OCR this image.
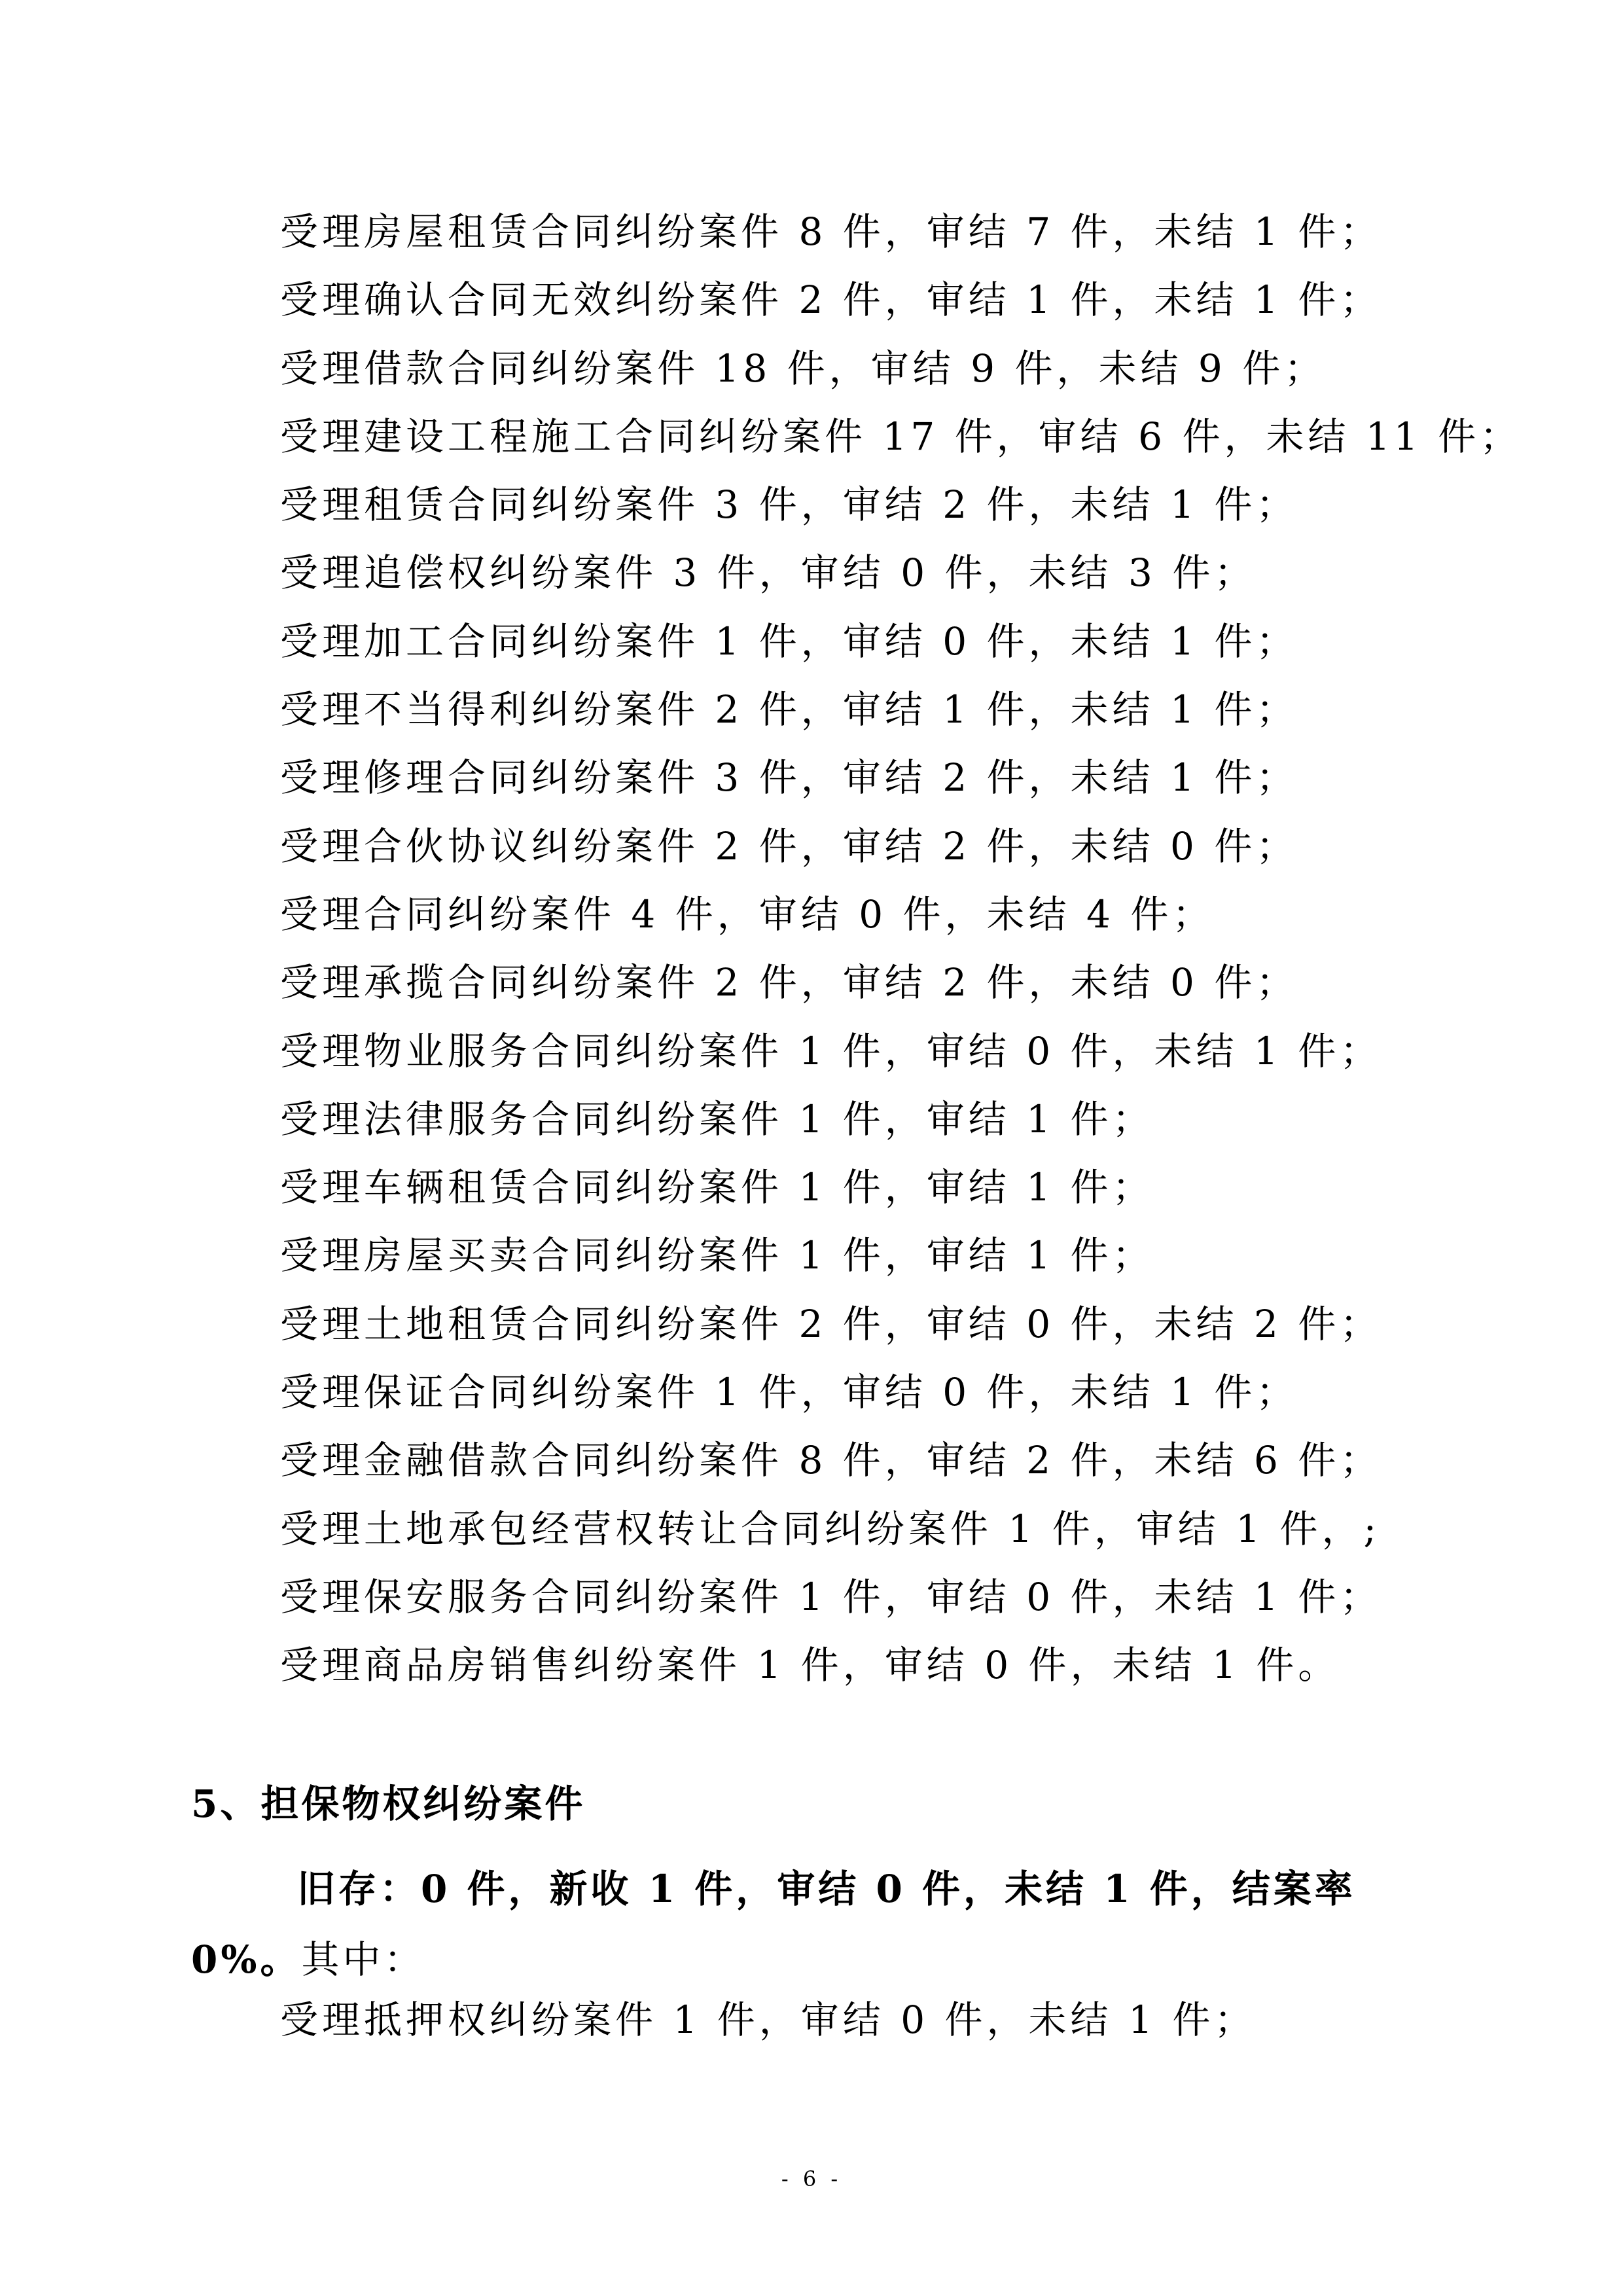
受理房屋租赁合同纠纷案件 8 件，审结 7 件，未结 1 件；
受理确认合同无效纠纷案件 2 件，审结 1 件，未结 1 件；
受理借款合同纠纷案件 18 件，审结 9 件，未结 9 件；
受理建设工程施工合同纠纷案件 17 件，审结 6 件，未结 11 件；
受理租赁合同纠纷案件 3 件，审结 2 件，未结 1 件；
受理追偿权纠纷案件 3 件，审结 0 件，未结 3 件；
受理加工合同纠纷案件 1 件，审结 0 件，未结 1 件；
受理不当得利纠纷案件 2 件，审结 1 件，未结 1 件；
受理修理合同纠纷案件 3 件，审结 2 件，未结 1 件；
受理合伙协议纠纷案件 2 件，审结 2 件，未结 0 件；
受理合同纠纷案件 4 件，审结 0 件，未结 4 件；
受理承揽合同纠纷案件 2 件，审结 2 件，未结 0 件；
受理物业服务合同纠纷案件 1 件，审结 0 件，未结 1 件；
受理法律服务合同纠纷案件 1 件，审结 1 件；
受理车辆租赁合同纠纷案件 1 件，审结 1 件；
受理房屋买卖合同纠纷案件 1 件，审结 1 件；
受理土地租赁合同纠纷案件 2 件，审结 0 件，未结 2 件；
受理保证合同纠纷案件 1 件，审结 0 件，未结 1 件；
受理金融借款合同纠纷案件 8 件，审结 2 件，未结 6 件；
受理土地承包经营权转让合同纠纷案件 1 件，审结 1 件，;
受理保安服务合同纠纷案件 1 件，审结 0 件，未结 1 件；
受理商品房销售纠纷案件 1 件，审结 0 件，未结 1 件。
5、担保物权纠纷案件

旧存：0 件，新收 1 件，审结 0 件，未结 1 件，结案率 0%。其中：

受理抵押权纠纷案件 1 件，审结 0 件，未结 1 件；
- 6 -
